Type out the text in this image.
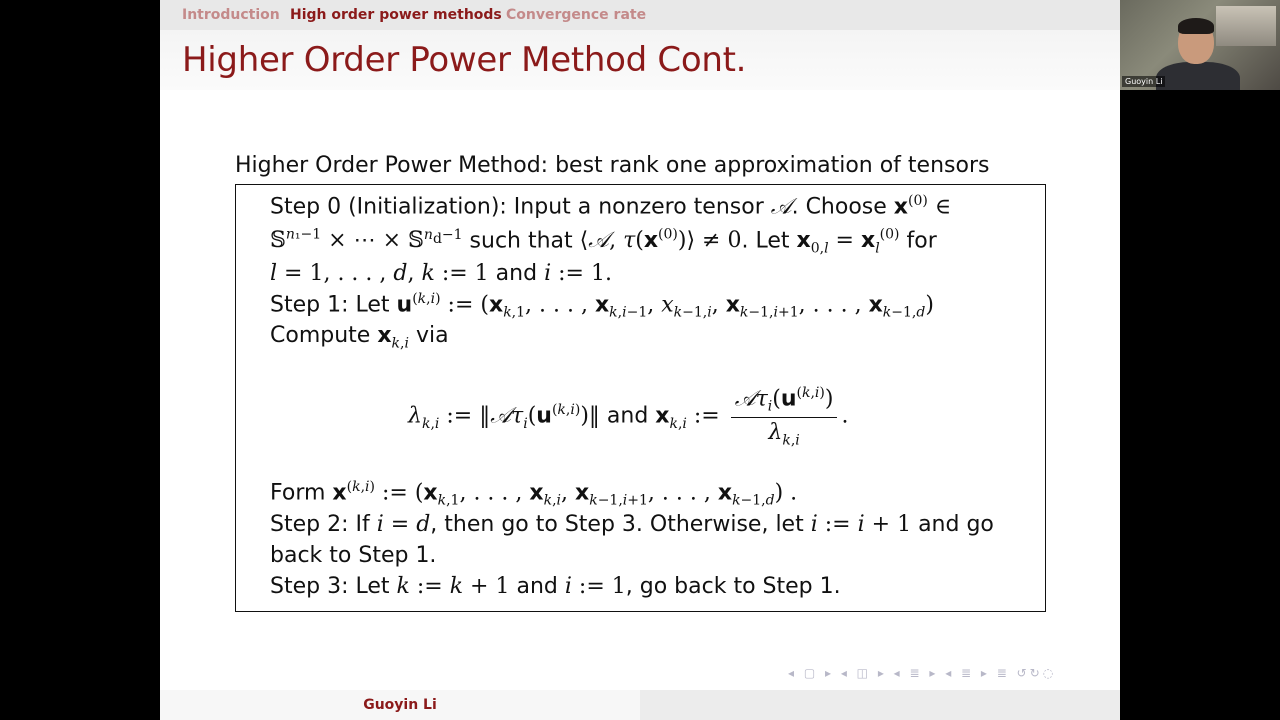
Introduction High order power methods Convergence rate
Higher Order Power Method Cont.
Higher Order Power Method: best rank one approximation of tensors
Step 0 (Initialization): Input a nonzero tensor 𝒜. Choose $x^{(0)}$ ∈
𝕊$^{n_1-1}$ × ⋯ × 𝕊$^{n_d-1}$ such that ⟨𝒜, $\tau(x^{(0)})⟩ \ne 0$. Let $x_{0,l} = x_l^{(0)}$ for
l = 1, . . . , d, k := 1 and i := 1.
Step 1: Let $u^{(k,i)}$ := ($x_{k,1}$, . . . , $x_{k,i-1}$, $x_{k-1,i}$, $x_{k-1,i+1}$, . . . , $x_{k-1,d}$)
Compute $x_{k,i}$ via
$\lambda_{k,i}$ := $‖𝒜\tau_i(u^{(k,i)})‖$ and $x_{k,i}$ := $\frac{𝒜\tau_i(u^{(k,i)})}{\lambda_{k,i}}$ .
Form $x^{(k,i)}$ := ($x_{k,1}$, . . . , $x_{k,i}$, $x_{k-1,i+1}$, . . . , $x_{k-1,d}$) .
Step 2: If i = d, then go to Step 3. Otherwise, let i := i + 1 and go
back to Step 1.
Step 3: Let k := k + 1 and i := 1, go back to Step 1.
◂ ▢ ▸ ◂ ◫ ▸ ◂ ≣ ▸ ◂ ≣ ▸ ≣ ↺↻◌
Guoyin Li
Guoyin Li
